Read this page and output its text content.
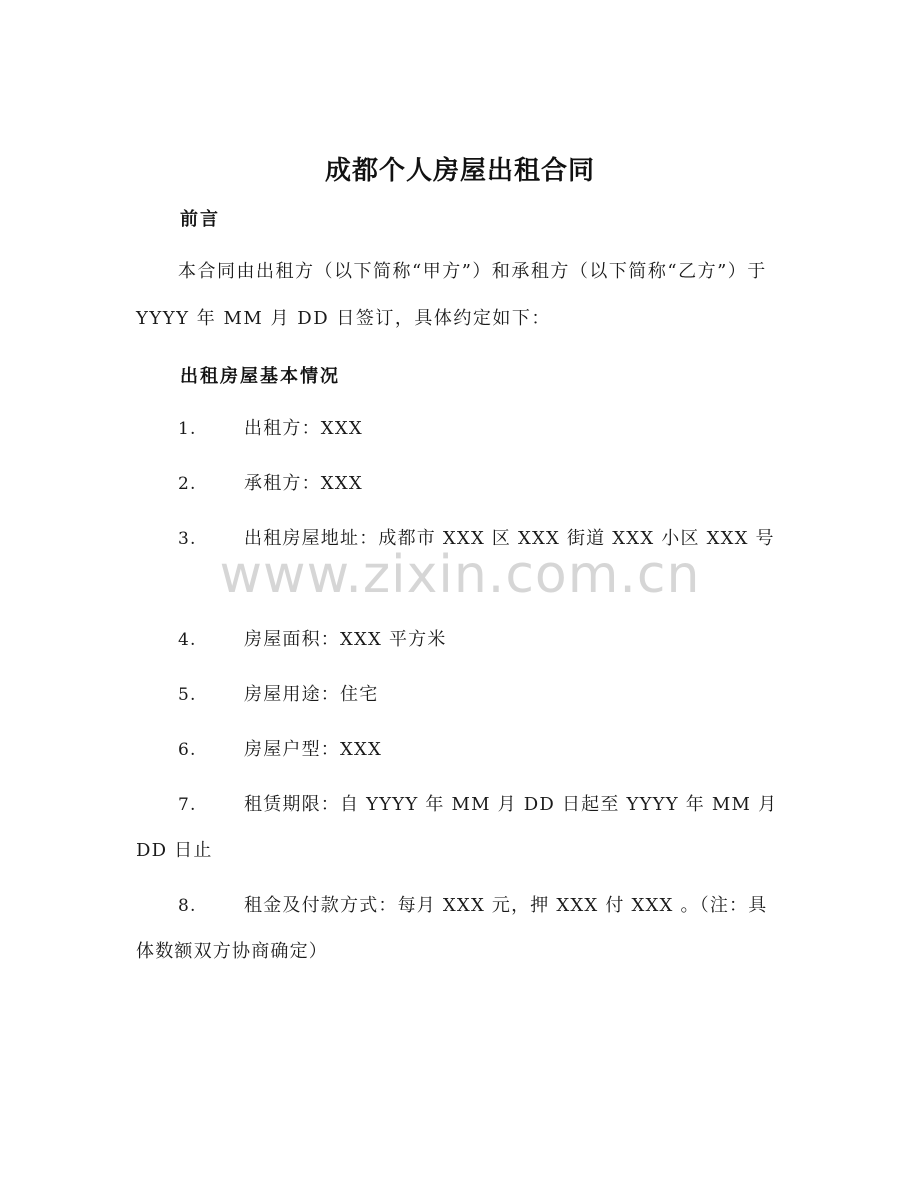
成都个人房屋出租合同
前言
本合同由出租方（以下简称“甲方”）和承租方（以下简称“乙方”）于 YYYY 年 MM 月 DD 日签订，具体约定如下：
出租房屋基本情况
1.	出租方：XXX
2.	承租方：XXX
3.	出租房屋地址：成都市 XXX 区 XXX 街道 XXX 小区 XXX 号
4.	房屋面积：XXX 平方米
5.	房屋用途：住宅
6.	房屋户型：XXX
7.	租赁期限：自 YYYY 年 MM 月 DD 日起至 YYYY 年 MM 月 DD 日止
8.	租金及付款方式：每月 XXX 元，押 XXX 付 XXX 。（注：具体数额双方协商确定）
www.zixin.com.cn
